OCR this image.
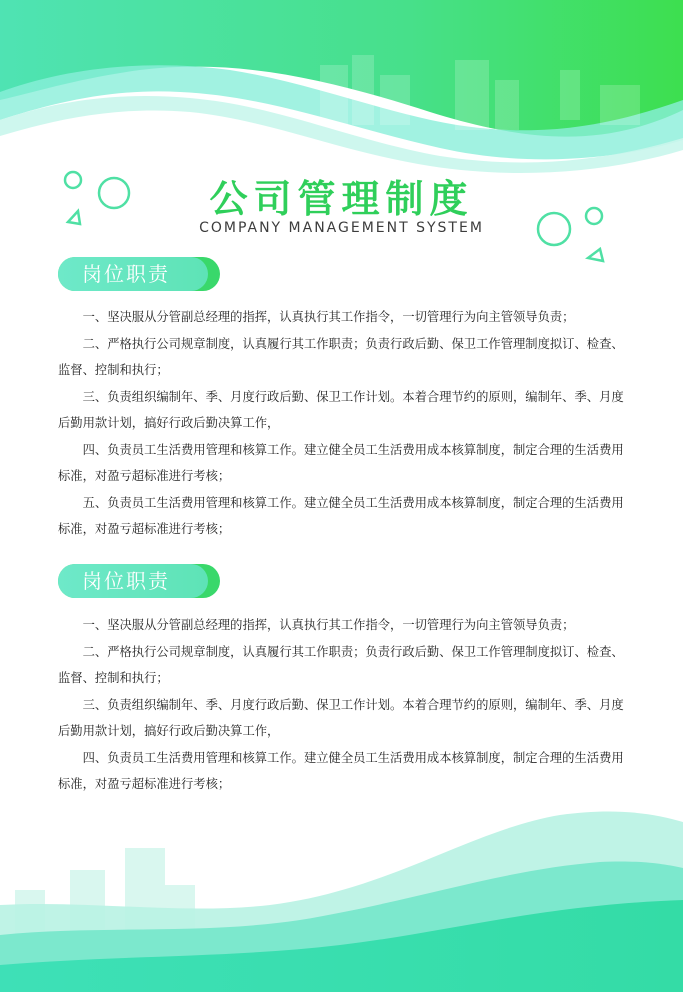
公司管理制度
COMPANY MANAGEMENT SYSTEM
岗位职责

一、坚决服从分管副总经理的指挥，认真执行其工作指令，一切管理行为向主管领导负责；

二、严格执行公司规章制度，认真履行其工作职责；负责行政后勤、保卫工作管理制度拟订、检查、监督、控制和执行；

三、负责组织编制年、季、月度行政后勤、保卫工作计划。本着合理节约的原则，编制年、季、月度后勤用款计划，搞好行政后勤决算工作，

四、负责员工生活费用管理和核算工作。建立健全员工生活费用成本核算制度，制定合理的生活费用标准，对盈亏超标准进行考核；

五、负责员工生活费用管理和核算工作。建立健全员工生活费用成本核算制度，制定合理的生活费用标准，对盈亏超标准进行考核；

岗位职责

一、坚决服从分管副总经理的指挥，认真执行其工作指令，一切管理行为向主管领导负责；

二、严格执行公司规章制度，认真履行其工作职责；负责行政后勤、保卫工作管理制度拟订、检查、监督、控制和执行；

三、负责组织编制年、季、月度行政后勤、保卫工作计划。本着合理节约的原则，编制年、季、月度后勤用款计划，搞好行政后勤决算工作，

四、负责员工生活费用管理和核算工作。建立健全员工生活费用成本核算制度，制定合理的生活费用标准，对盈亏超标准进行考核；
